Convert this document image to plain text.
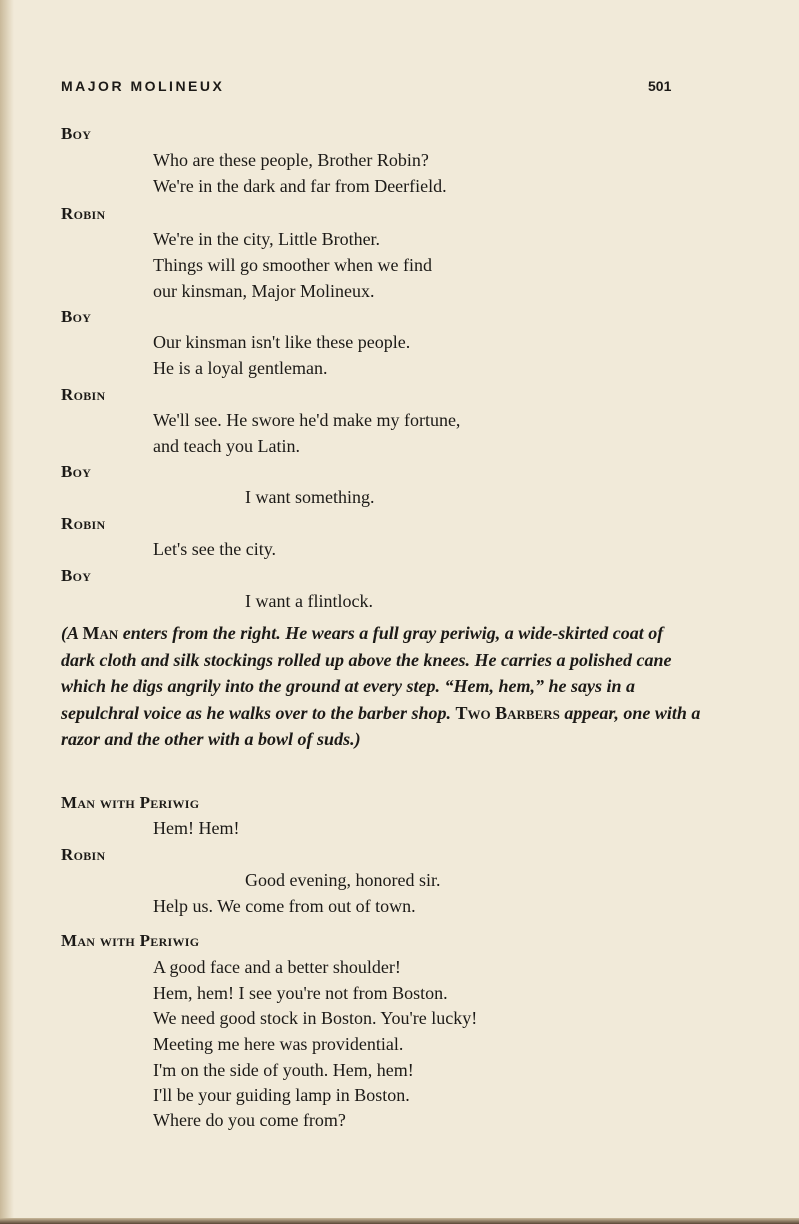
MAJOR MOLINEUX	501
Boy
Who are these people, Brother Robin?
We're in the dark and far from Deerfield.
Robin
We're in the city, Little Brother.
Things will go smoother when we find
our kinsman, Major Molineux.
Boy
Our kinsman isn't like these people.
He is a loyal gentleman.
Robin
We'll see. He swore he'd make my fortune,
and teach you Latin.
Boy
I want something.
Robin
Let's see the city.
Boy
I want a flintlock.
(A Man enters from the right. He wears a full gray periwig, a wide-skirted coat of dark cloth and silk stockings rolled up above the knees. He carries a polished cane which he digs angrily into the ground at every step. “Hem, hem,” he says in a sepulchral voice as he walks over to the barber shop. Two Barbers appear, one with a razor and the other with a bowl of suds.)
Man with Periwig
Hem! Hem!
Robin
Good evening, honored sir.
Help us. We come from out of town.
Man with Periwig
A good face and a better shoulder!
Hem, hem! I see you're not from Boston.
We need good stock in Boston. You're lucky!
Meeting me here was providential.
I'm on the side of youth. Hem, hem!
I'll be your guiding lamp in Boston.
Where do you come from?
